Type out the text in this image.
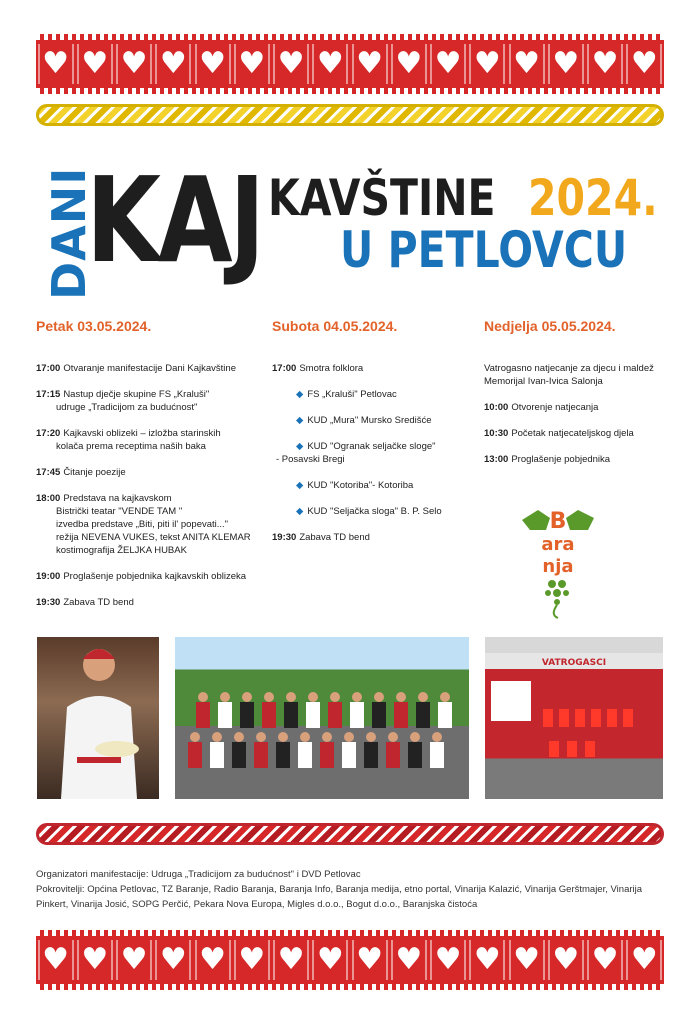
♥ ♥ ♥ ♥ ♥ ♥ ♥ ♥ ♥ ♥ ♥ ♥ ♥ ♥ ♥ ♥
DANI
KAJ KAVŠTINE 2024.
U PETLOVCU
Petak 03.05.2024.
17:00 Otvaranje manifestacije Dani Kajkavštine
17:15 Nastup dječje skupine FS „Kraluši"
udruge „Tradicijom za budućnost"
17:20 Kajkavski oblizeki – izložba starinskih
kolača prema receptima naših baka
17:45 Čitanje poezije
18:00 Predstava na kajkavskom
Bistrički teatar "VENDE TAM "
izvedba predstave „Biti, piti il' popevati..."
režija NEVENA VUKES, tekst ANITA KLEMAR
kostimografija ŽELJKA HUBAK
19:00 Proglašenje pobjednika kajkavskih oblizeka
19:30 Zabava TD bend
Subota 04.05.2024.
17:00 Smotra folklora
◆ FS „Kraluši" Petlovac
◆ KUD „Mura" Mursko Središće
◆ KUD "Ogranak seljačke sloge"
- Posavski Bregi
◆ KUD "Kotoriba"- Kotoriba
◆ KUD "Seljačka sloga" B. P. Selo
19:30 Zabava TD bend
Nedjelja 05.05.2024.
Vatrogasno natjecanje za djecu i maldež
Memorijal Ivan-Ivica Salonja
10:00 Otvorenje natjecanja
10:30 Početak natjecateljskog djela
13:00 Proglašenje pobjednika
B
ara
nja
VATROGASCI
Organizatori manifestacije: Udruga „Tradicijom za budućnost" i DVD Petlovac
Pokrovitelji: Općina Petlovac, TZ Baranje, Radio Baranja, Baranja Info, Baranja medija, etno portal, Vinarija Kalazić, Vinarija Gerštmajer, Vinarija Pinkert, Vinarija Josić, SOPG Perčić, Pekara Nova Europa, Migles d.o.o., Bogut d.o.o., Baranjska čistoća
♥ ♥ ♥ ♥ ♥ ♥ ♥ ♥ ♥ ♥ ♥ ♥ ♥ ♥ ♥ ♥
